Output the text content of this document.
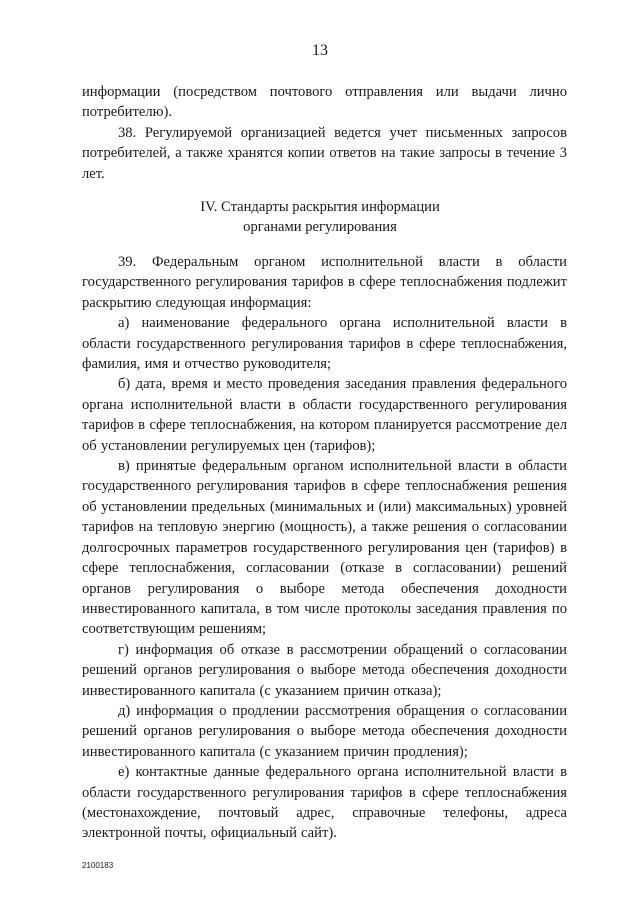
13

информации (посредством почтового отправления или выдачи лично потребителю).

38. Регулируемой организацией ведется учет письменных запросов потребителей, а также хранятся копии ответов на такие запросы в течение 3 лет.

IV. Стандарты раскрытия информации
органами регулирования

39. Федеральным органом исполнительной власти в области государственного регулирования тарифов в сфере теплоснабжения подлежит раскрытию следующая информация:

а) наименование федерального органа исполнительной власти в области государственного регулирования тарифов в сфере теплоснабжения, фамилия, имя и отчество руководителя;

б) дата, время и место проведения заседания правления федерального органа исполнительной власти в области государственного регулирования тарифов в сфере теплоснабжения, на котором планируется рассмотрение дел об установлении регулируемых цен (тарифов);

в) принятые федеральным органом исполнительной власти в области государственного регулирования тарифов в сфере теплоснабжения решения об установлении предельных (минимальных и (или) максимальных) уровней тарифов на тепловую энергию (мощность), а также решения о согласовании долгосрочных параметров государственного регулирования цен (тарифов) в сфере теплоснабжения, согласовании (отказе в согласовании) решений органов регулирования о выборе метода обеспечения доходности инвестированного капитала, в том числе протоколы заседания правления по соответствующим решениям;

г) информация об отказе в рассмотрении обращений о согласовании решений органов регулирования о выборе метода обеспечения доходности инвестированного капитала (с указанием причин отказа);

д) информация о продлении рассмотрения обращения о согласовании решений органов регулирования о выборе метода обеспечения доходности инвестированного капитала (с указанием причин продления);

е) контактные данные федерального органа исполнительной власти в области государственного регулирования тарифов в сфере теплоснабжения (местонахождение, почтовый адрес, справочные телефоны, адреса электронной почты, официальный сайт).

2100183
